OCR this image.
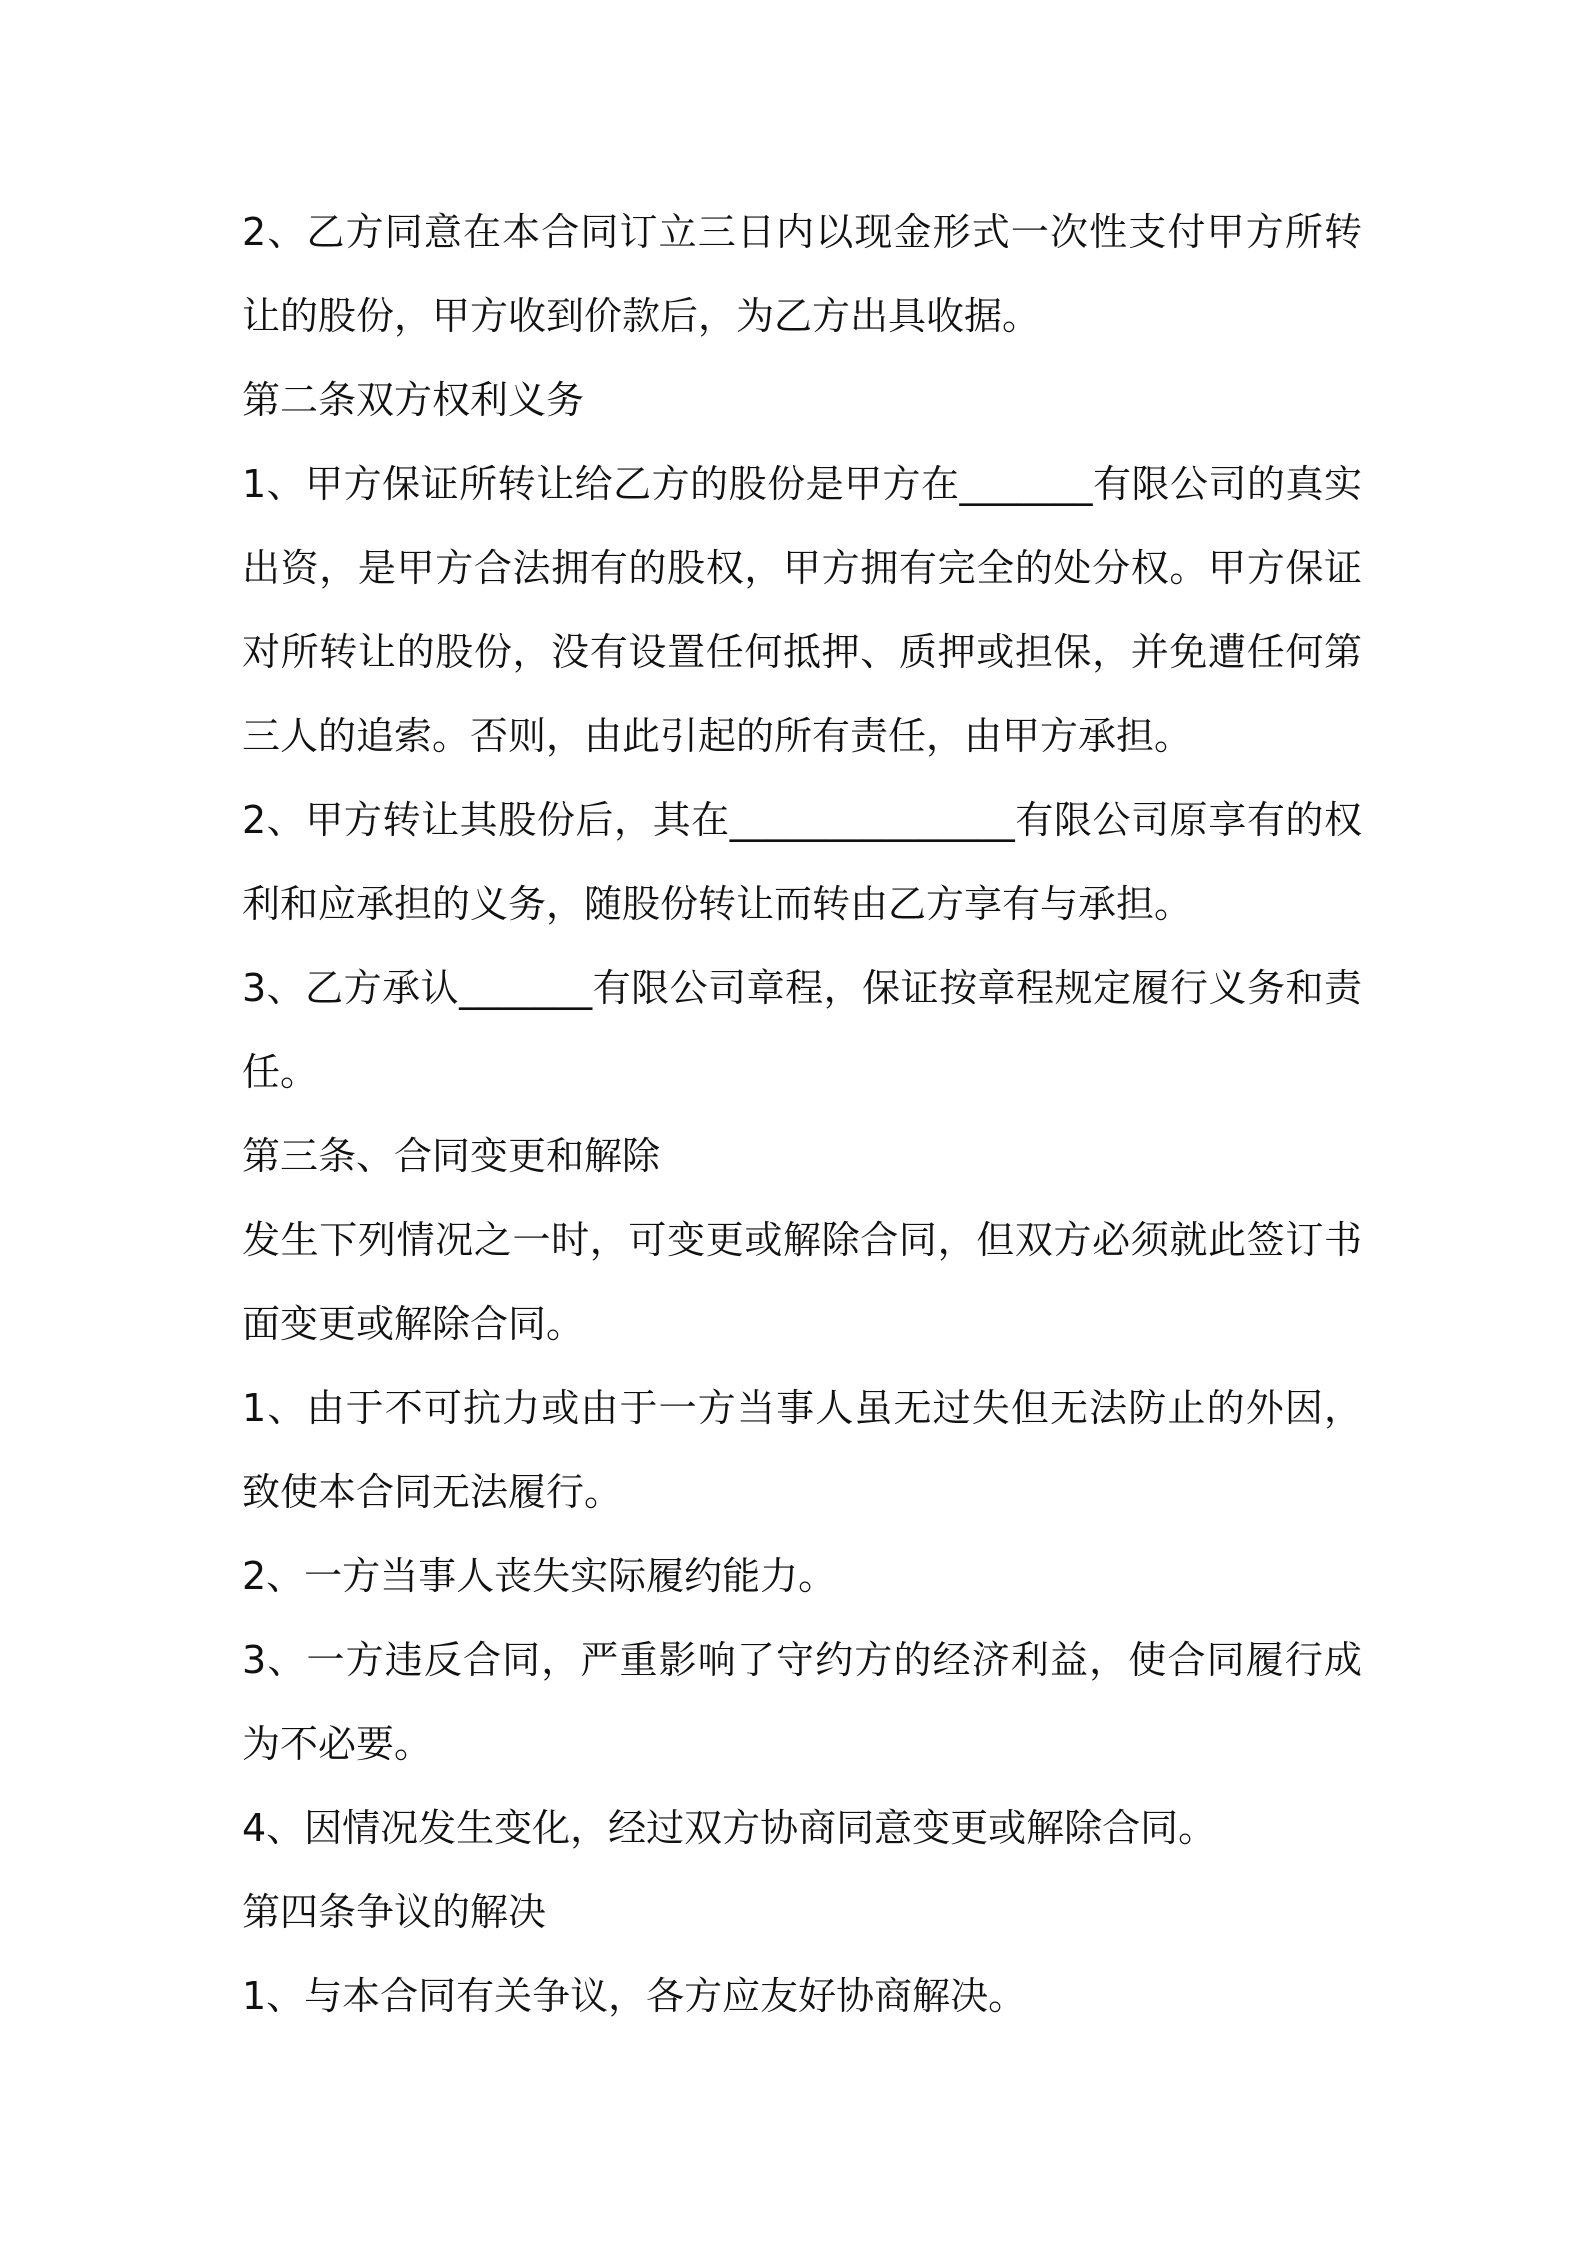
2、乙方同意在本合同订立三日内以现金形式一次性支付甲方所转让的股份，甲方收到价款后，为乙方出具收据。

第二条双方权利义务

1、甲方保证所转让给乙方的股份是甲方在_______有限公司的真实出资，是甲方合法拥有的股权，甲方拥有完全的处分权。甲方保证对所转让的股份，没有设置任何抵押、质押或担保，并免遭任何第三人的追索。否则，由此引起的所有责任，由甲方承担。

2、甲方转让其股份后，其在_______________有限公司原享有的权利和应承担的义务，随股份转让而转由乙方享有与承担。

3、乙方承认_______有限公司章程，保证按章程规定履行义务和责任。

第三条、合同变更和解除

发生下列情况之一时，可变更或解除合同，但双方必须就此签订书面变更或解除合同。

1、由于不可抗力或由于一方当事人虽无过失但无法防止的外因，致使本合同无法履行。

2、一方当事人丧失实际履约能力。

3、一方违反合同，严重影响了守约方的经济利益，使合同履行成为不必要。

4、因情况发生变化，经过双方协商同意变更或解除合同。

第四条争议的解决

1、与本合同有关争议，各方应友好协商解决。
